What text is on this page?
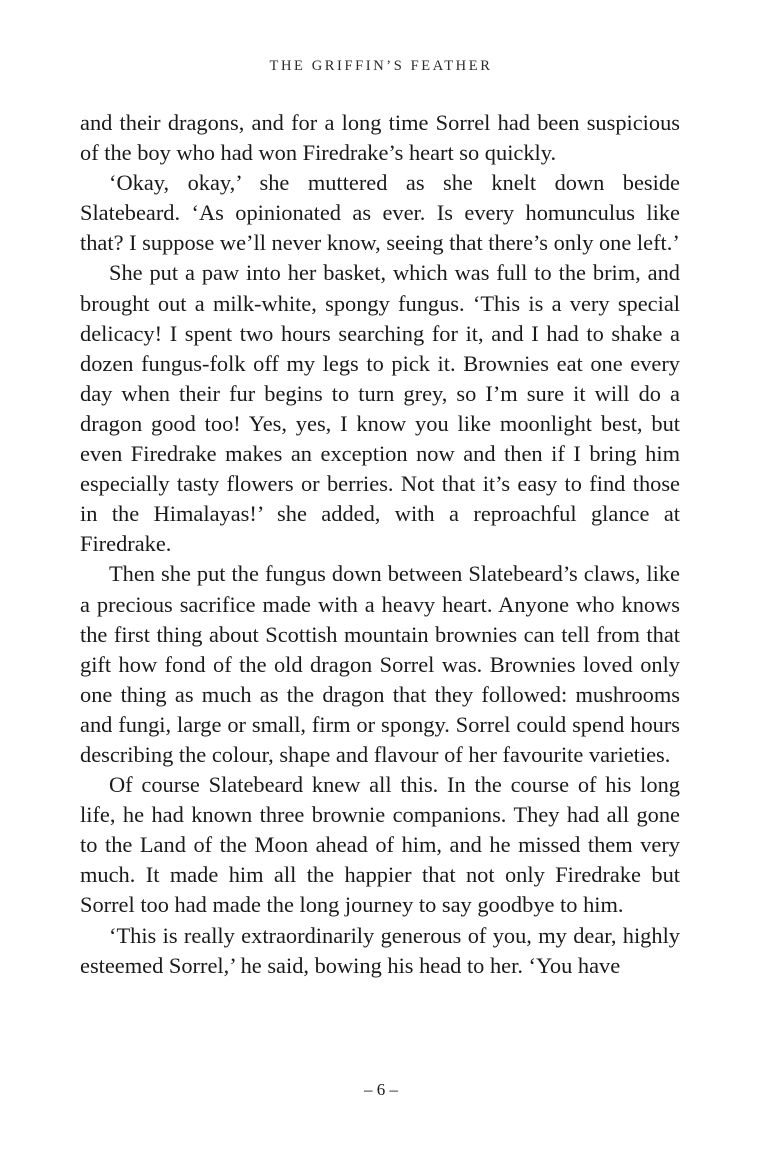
THE GRIFFIN’S FEATHER

and their dragons, and for a long time Sorrel had been suspicious of the boy who had won Firedrake’s heart so quickly.

‘Okay, okay,’ she muttered as she knelt down beside Slatebeard. ‘As opinionated as ever. Is every homunculus like that? I suppose we’ll never know, seeing that there’s only one left.’

She put a paw into her basket, which was full to the brim, and brought out a milk-white, spongy fungus. ‘This is a very special delicacy! I spent two hours searching for it, and I had to shake a dozen fungus-folk off my legs to pick it. Brownies eat one every day when their fur begins to turn grey, so I’m sure it will do a dragon good too! Yes, yes, I know you like moonlight best, but even Firedrake makes an exception now and then if I bring him especially tasty flowers or berries. Not that it’s easy to find those in the Himalayas!’ she added, with a reproachful glance at Firedrake.

Then she put the fungus down between Slatebeard’s claws, like a precious sacrifice made with a heavy heart. Anyone who knows the first thing about Scottish mountain brownies can tell from that gift how fond of the old dragon Sorrel was. Brownies loved only one thing as much as the dragon that they followed: mushrooms and fungi, large or small, firm or spongy. Sorrel could spend hours describing the colour, shape and flavour of her favourite varieties.

Of course Slatebeard knew all this. In the course of his long life, he had known three brownie companions. They had all gone to the Land of the Moon ahead of him, and he missed them very much. It made him all the happier that not only Firedrake but Sorrel too had made the long journey to say goodbye to him.

‘This is really extraordinarily generous of you, my dear, highly esteemed Sorrel,’ he said, bowing his head to her. ‘You have

– 6 –
